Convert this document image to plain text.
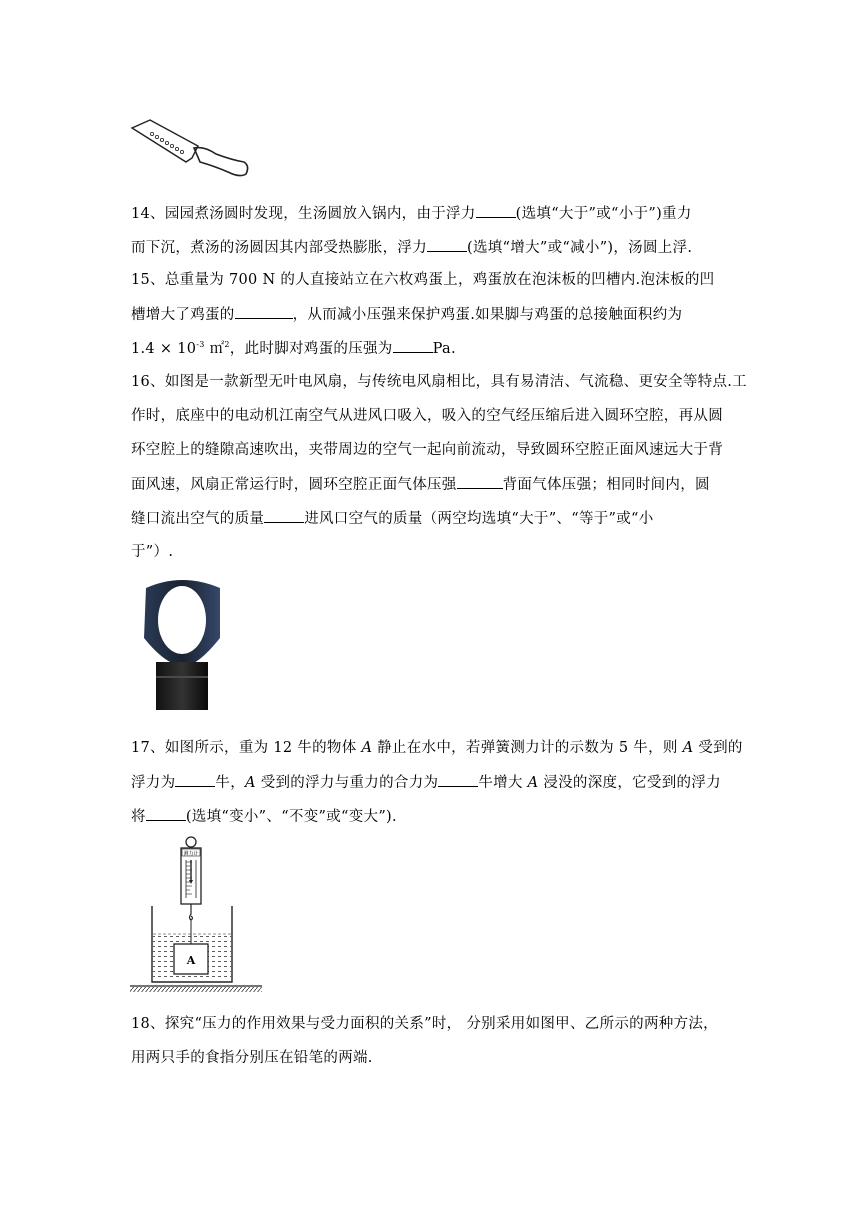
14、园园煮汤圆时发现，生汤圆放入锅内，由于浮力	(选填“大于”或“小于”)重力
而下沉，煮汤的汤圆因其内部受热膨胀，浮力	(选填“增大”或“减小”)，汤圆上浮.
15、总重量为 700 N 的人直接站立在六枚鸡蛋上，鸡蛋放在泡沫板的凹槽内.泡沫板的凹
槽增大了鸡蛋的	，从而减小压强来保护鸡蛋.如果脚与鸡蛋的总接触面积约为
$1.4 \times 10^{-3}$ ㎡$^2$，此时脚对鸡蛋的压强为	Pa.
16、如图是一款新型无叶电风扇，与传统电风扇相比，具有易清洁、气流稳、更安全等特点.工
作时，底座中的电动机江南空气从进风口吸入，吸入的空气经压缩后进入圆环空腔，再从圆
环空腔上的缝隙高速吹出，夹带周边的空气一起向前流动，导致圆环空腔正面风速远大于背
面风速，风扇正常运行时，圆环空腔正面气体压强	背面气体压强；相同时间内，圆
缝口流出空气的质量	进风口空气的质量（两空均选填“大于”、“等于”或“小
于”）.
17、如图所示，重为 12 牛的物体 A 静止在水中，若弹簧测力计的示数为 5 牛，则 A 受到的
浮力为	牛，A 受到的浮力与重力的合力为	牛增大 A 浸没的深度，它受到的浮力
将	(选填“变小”、“不变”或“变大”).
测力计
A
18、探究“压力的作用效果与受力面积的关系”时， 分别采用如图甲、乙所示的两种方法，
用两只手的食指分别压在铅笔的两端.
